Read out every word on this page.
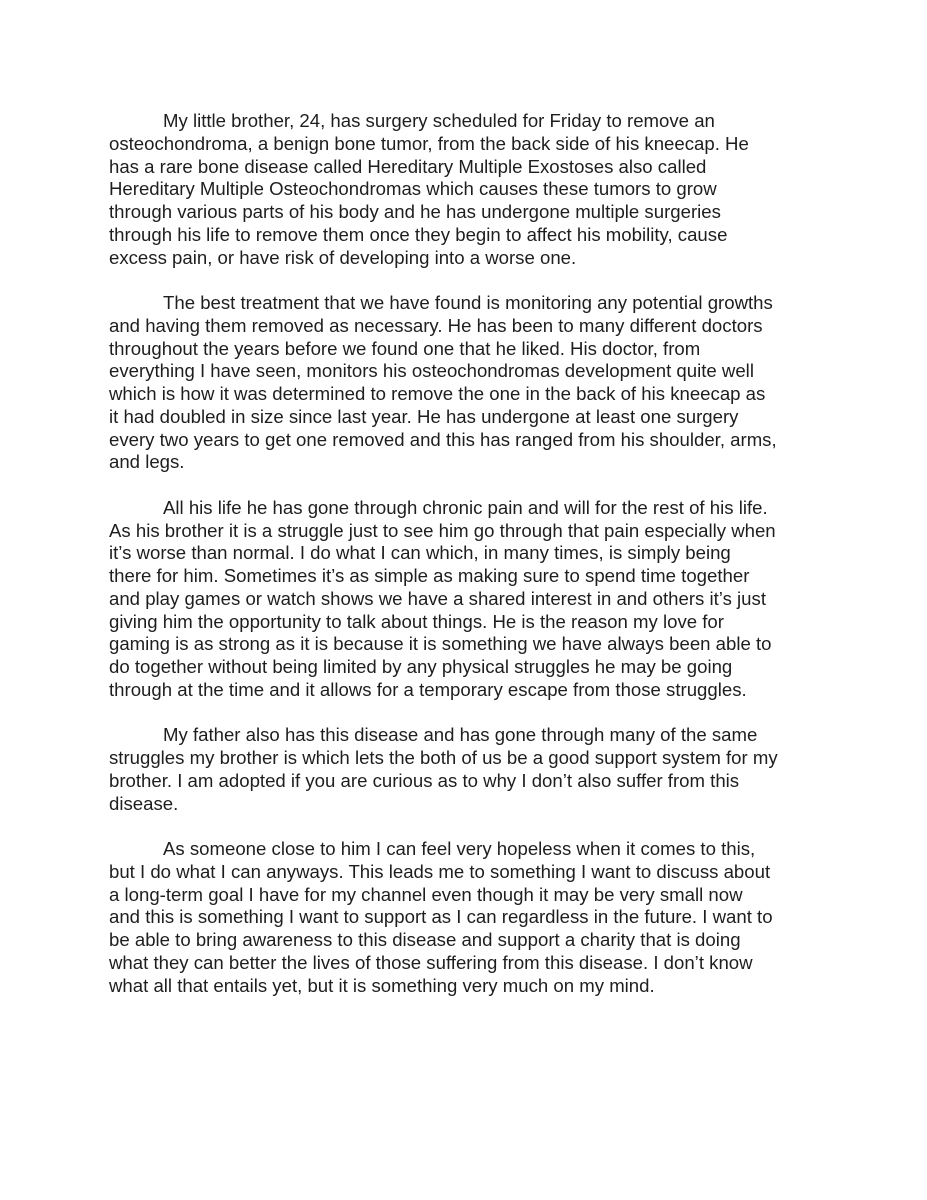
My little brother, 24, has surgery scheduled for Friday to remove an
osteochondroma, a benign bone tumor, from the back side of his kneecap. He
has a rare bone disease called Hereditary Multiple Exostoses also called
Hereditary Multiple Osteochondromas which causes these tumors to grow
through various parts of his body and he has undergone multiple surgeries
through his life to remove them once they begin to affect his mobility, cause
excess pain, or have risk of developing into a worse one.

The best treatment that we have found is monitoring any potential growths
and having them removed as necessary. He has been to many different doctors
throughout the years before we found one that he liked. His doctor, from
everything I have seen, monitors his osteochondromas development quite well
which is how it was determined to remove the one in the back of his kneecap as
it had doubled in size since last year. He has undergone at least one surgery
every two years to get one removed and this has ranged from his shoulder, arms,
and legs.

All his life he has gone through chronic pain and will for the rest of his life.
As his brother it is a struggle just to see him go through that pain especially when
it’s worse than normal. I do what I can which, in many times, is simply being
there for him. Sometimes it’s as simple as making sure to spend time together
and play games or watch shows we have a shared interest in and others it’s just
giving him the opportunity to talk about things. He is the reason my love for
gaming is as strong as it is because it is something we have always been able to
do together without being limited by any physical struggles he may be going
through at the time and it allows for a temporary escape from those struggles.

My father also has this disease and has gone through many of the same
struggles my brother is which lets the both of us be a good support system for my
brother. I am adopted if you are curious as to why I don’t also suffer from this
disease.

As someone close to him I can feel very hopeless when it comes to this,
but I do what I can anyways. This leads me to something I want to discuss about
a long-term goal I have for my channel even though it may be very small now
and this is something I want to support as I can regardless in the future. I want to
be able to bring awareness to this disease and support a charity that is doing
what they can better the lives of those suffering from this disease. I don’t know
what all that entails yet, but it is something very much on my mind.
